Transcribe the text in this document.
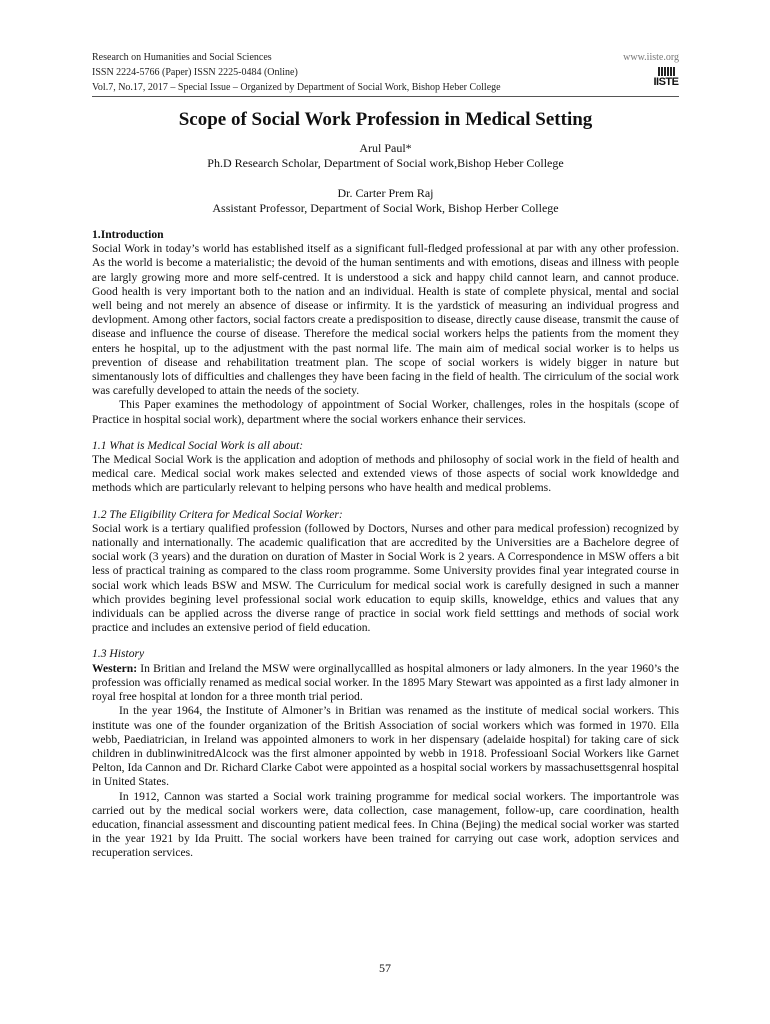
Research on Humanities and Social Sciences
ISSN 2224-5766 (Paper) ISSN 2225-0484 (Online)
Vol.7, No.17, 2017 – Special Issue – Organized by Department of Social Work, Bishop Heber College
www.iiste.org
IISTE
Scope of Social Work Profession in Medical Setting
Arul Paul*
Ph.D Research Scholar, Department of Social work,Bishop Heber College
Dr. Carter Prem Raj
Assistant Professor, Department of Social Work, Bishop Herber College

1.Introduction

Social Work in today’s world has established itself as a significant full-fledged professional at par with any other profession. As the world is become a materialistic; the devoid of the human sentiments and with emotions, diseas and illness with people are largly growing more and more self-centred. It is understood a sick and happy child cannot learn, and cannot produce. Good health is very important both to the nation and an individual. Health is state of complete physical, mental and social well being and not merely an absence of disease or infirmity. It is the yardstick of measuring an individual progress and devlopment. Among other factors, social factors create a predisposition to disease, directly cause disease, transmit the cause of disease and influence the course of disease. Therefore the medical social workers helps the patients from the moment they enters he hospital, up to the adjustment with the past normal life. The main aim of medical social worker is to helps us prevention of disease and rehabilitation treatment plan. The scope of social workers is widely bigger in nature but simentanously lots of difficulties and challenges they have been facing in the field of health. The cirriculum of the social work was carefully developed to attain the needs of the society.

This Paper examines the methodology of appointment of Social Worker, challenges, roles in the hospitals (scope of Practice in hospital social work), department where the social workers enhance their services.

1.1 What is Medical Social Work is all about:

The Medical Social Work is the application and adoption of methods and philosophy of social work in the field of health and medical care. Medical social work makes selected and extended views of those aspects of social work knowldedge and methods which are particularly relevant to helping persons who have health and medical problems.

1.2 The Eligibility Critera for Medical Social Worker:

Social work is a tertiary qualified profession (followed by Doctors, Nurses and other para medical profession) recognized by nationally and internationally. The academic qualification that are accredited by the Universities are a Bachelore degree of social work (3 years) and the duration on duration of Master in Social Work is 2 years. A Correspondence in MSW offers a bit less of practical training as compared to the class room programme. Some University provides final year integrated course in social work which leads BSW and MSW. The Curriculum for medical social work is carefully designed in such a manner which provides begining level professional social work education to equip skills, knoweldge, ethics and values that any individuals can be applied across the diverse range of practice in social work field setttings and methods of social work practice and includes an extensive period of field education.

1.3 History

Western: In Britian and Ireland the MSW were orginallycallled as hospital almoners or lady almoners. In the year 1960’s the profession was officially renamed as medical social worker. In the 1895 Mary Stewart was appointed as a first lady almoner in royal free hospital at london for a three month trial period.

In the year 1964, the Institute of Almoner’s in Britian was renamed as the institute of medical social workers. This institute was one of the founder organization of the British Association of social workers which was formed in 1970. Ella webb, Paediatrician, in Ireland was appointed almoners to work in her dispensary (adelaide hospital) for taking care of sick children in dublinwinitredAlcock was the first almoner appointed by webb in 1918. Professioanl Social Workers like Garnet Pelton, Ida Cannon and Dr. Richard Clarke Cabot were appointed as a hospital social workers by massachusettsgenral hospital in United States.

In 1912, Cannon was started a Social work training programme for medical social workers. The importantrole was carried out by the medical social workers were, data collection, case management, follow-up, care coordination, health education, financial assessment and discounting patient medical fees. In China (Bejing) the medical social worker was started in the year 1921 by Ida Pruitt. The social workers have been trained for carrying out case work, adoption services and recuperation services.

57
